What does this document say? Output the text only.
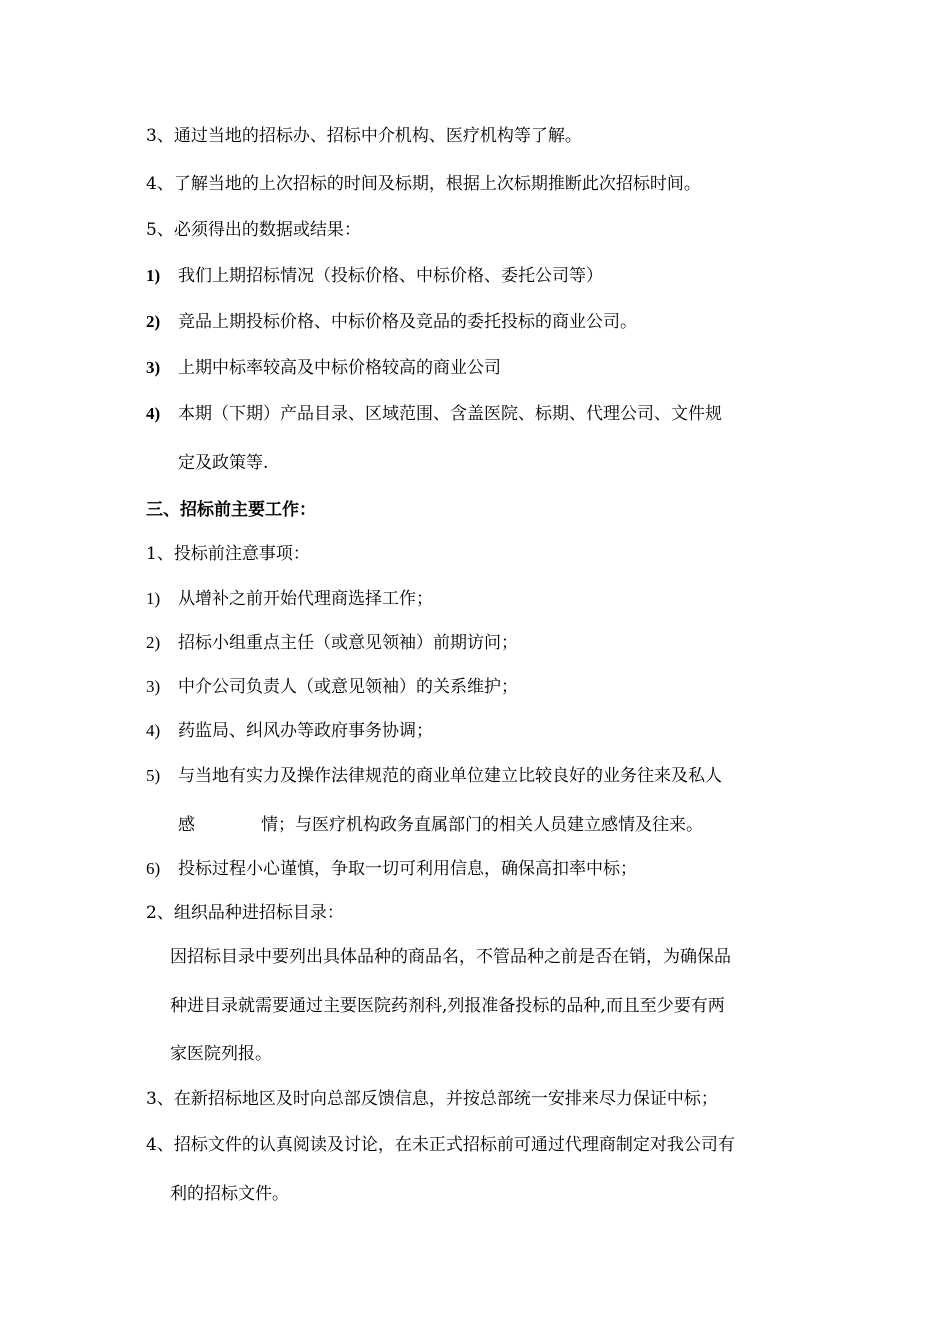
3、通过当地的招标办、招标中介机构、医疗机构等了解。
4、了解当地的上次招标的时间及标期，根据上次标期推断此次招标时间。
5、必须得出的数据或结果：
1) 我们上期招标情况（投标价格、中标价格、委托公司等）
2) 竞品上期投标价格、中标价格及竞品的委托投标的商业公司。
3) 上期中标率较高及中标价格较高的商业公司
4) 本期（下期）产品目录、区域范围、含盖医院、标期、代理公司、文件规
定及政策等.
三、招标前主要工作：
1、投标前注意事项：
1) 从增补之前开始代理商选择工作；
2) 招标小组重点主任（或意见领袖）前期访问；
3) 中介公司负责人（或意见领袖）的关系维护；
4) 药监局、纠风办等政府事务协调；
5) 与当地有实力及操作法律规范的商业单位建立比较良好的业务往来及私人
感	情；与医疗机构政务直属部门的相关人员建立感情及往来。
6) 投标过程小心谨慎，争取一切可利用信息，确保高扣率中标；
2、组织品种进招标目录：
因招标目录中要列出具体品种的商品名，不管品种之前是否在销，为确保品
种进目录就需要通过主要医院药剂科,列报准备投标的品种,而且至少要有两
家医院列报。
3、在新招标地区及时向总部反馈信息，并按总部统一安排来尽力保证中标；
4、招标文件的认真阅读及讨论，在未正式招标前可通过代理商制定对我公司有
利的招标文件。
